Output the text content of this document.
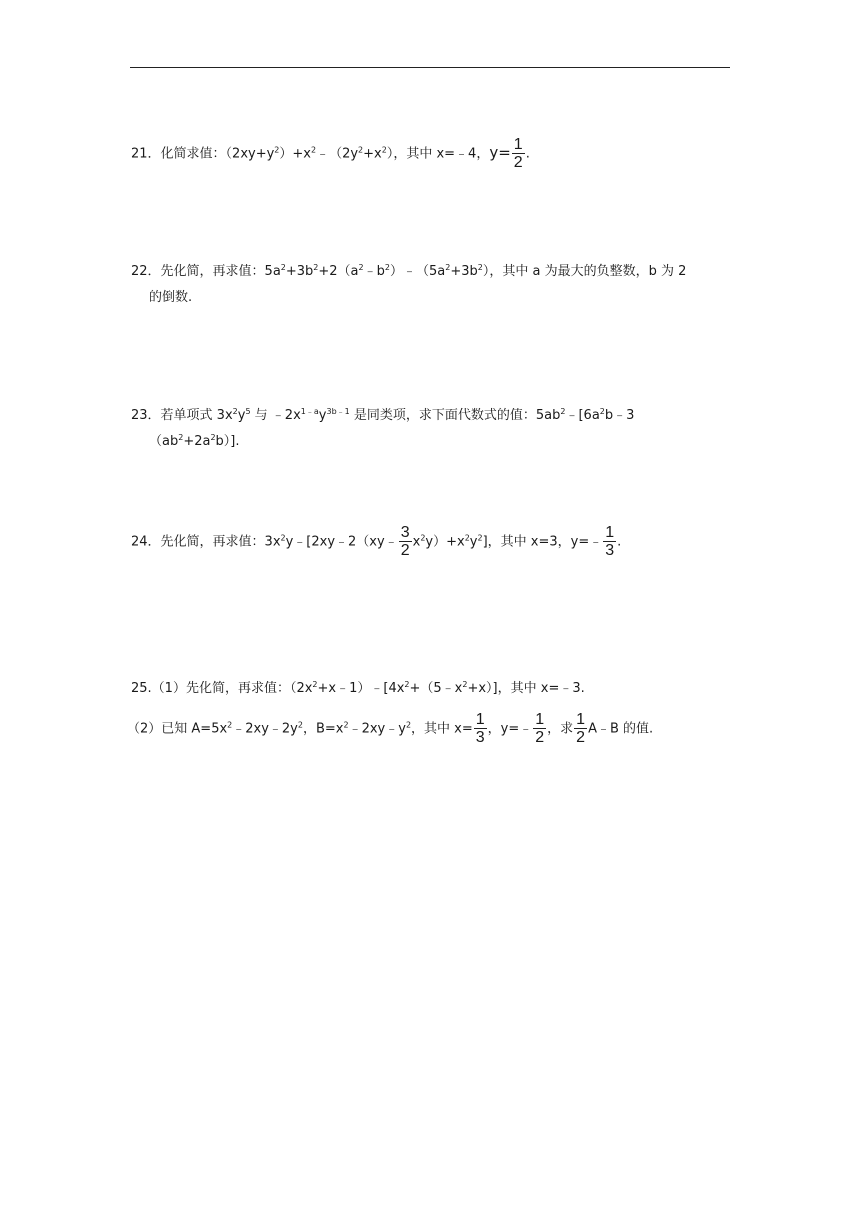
21．化简求值：$(2xy+y^2)+x^2﹣(2y^2+x^2)$，其中 x=﹣4，$y= \frac{1}{2}$ .
22．先化简，再求值：$5a^2+3b^2+2(a^2﹣b^2)﹣(5a^2+3b^2)$，其中 a 为最大的负整数，b 为 2
的倒数.
23．若单项式 $3x^2y^5$ 与 $﹣2x^{1﹣a}y^{3b﹣1}$ 是同类项，求下面代数式的值：$5ab^2﹣[6a^2b﹣3$
$(ab^2+2a^2b)$].
24．先化简，再求值：$3x^2y﹣[2xy﹣2(xy﹣ \frac{3}{2} x^2y)+x^2y^2]$，其中 x=3，y=﹣ $\frac{1}{3}$ .
25.（1）先化简，再求值：$(2x^2+x﹣1)﹣[4x^2+(5﹣x^2+x)]$，其中 x=﹣3.
（2）已知 $A=5x^2﹣2xy﹣2y^2$，$B=x^2﹣2xy﹣y^2$，其中 $x= \frac{1}{3}$ ，y=﹣ $\frac{1}{2}$ ，求 $\frac{1}{2}$ A﹣B 的值.
